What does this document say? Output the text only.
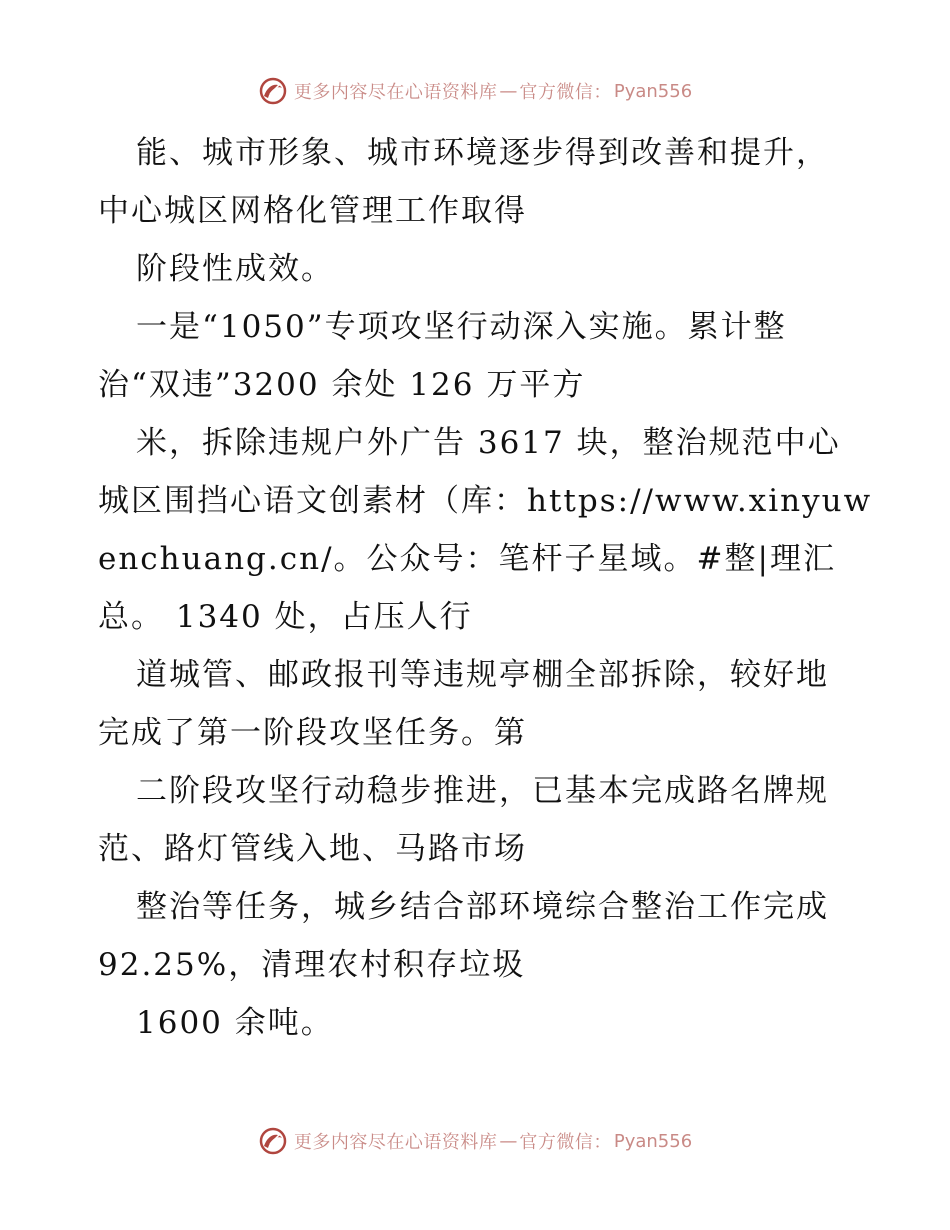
更多内容尽在心语资料库 — 官方微信： Pyan556
能、城市形象、城市环境逐步得到改善和提升，
中心城区网格化管理工作取得
阶段性成效。
一是“1050”专项攻坚行动深入实施。累计整
治“双违”3200 余处 126 万平方
米，拆除违规户外广告 3617 块，整治规范中心
城区围挡心语文创素材（库：https://www.xinyuw
enchuang.cn/。公众号：笔杆子星域。#整|理汇
总。 1340 处，占压人行
道城管、邮政报刊等违规亭棚全部拆除，较好地
完成了第一阶段攻坚任务。第
二阶段攻坚行动稳步推进，已基本完成路名牌规
范、路灯管线入地、马路市场
整治等任务，城乡结合部环境综合整治工作完成
92.25%，清理农村积存垃圾
1600 余吨。
更多内容尽在心语资料库 — 官方微信： Pyan556
